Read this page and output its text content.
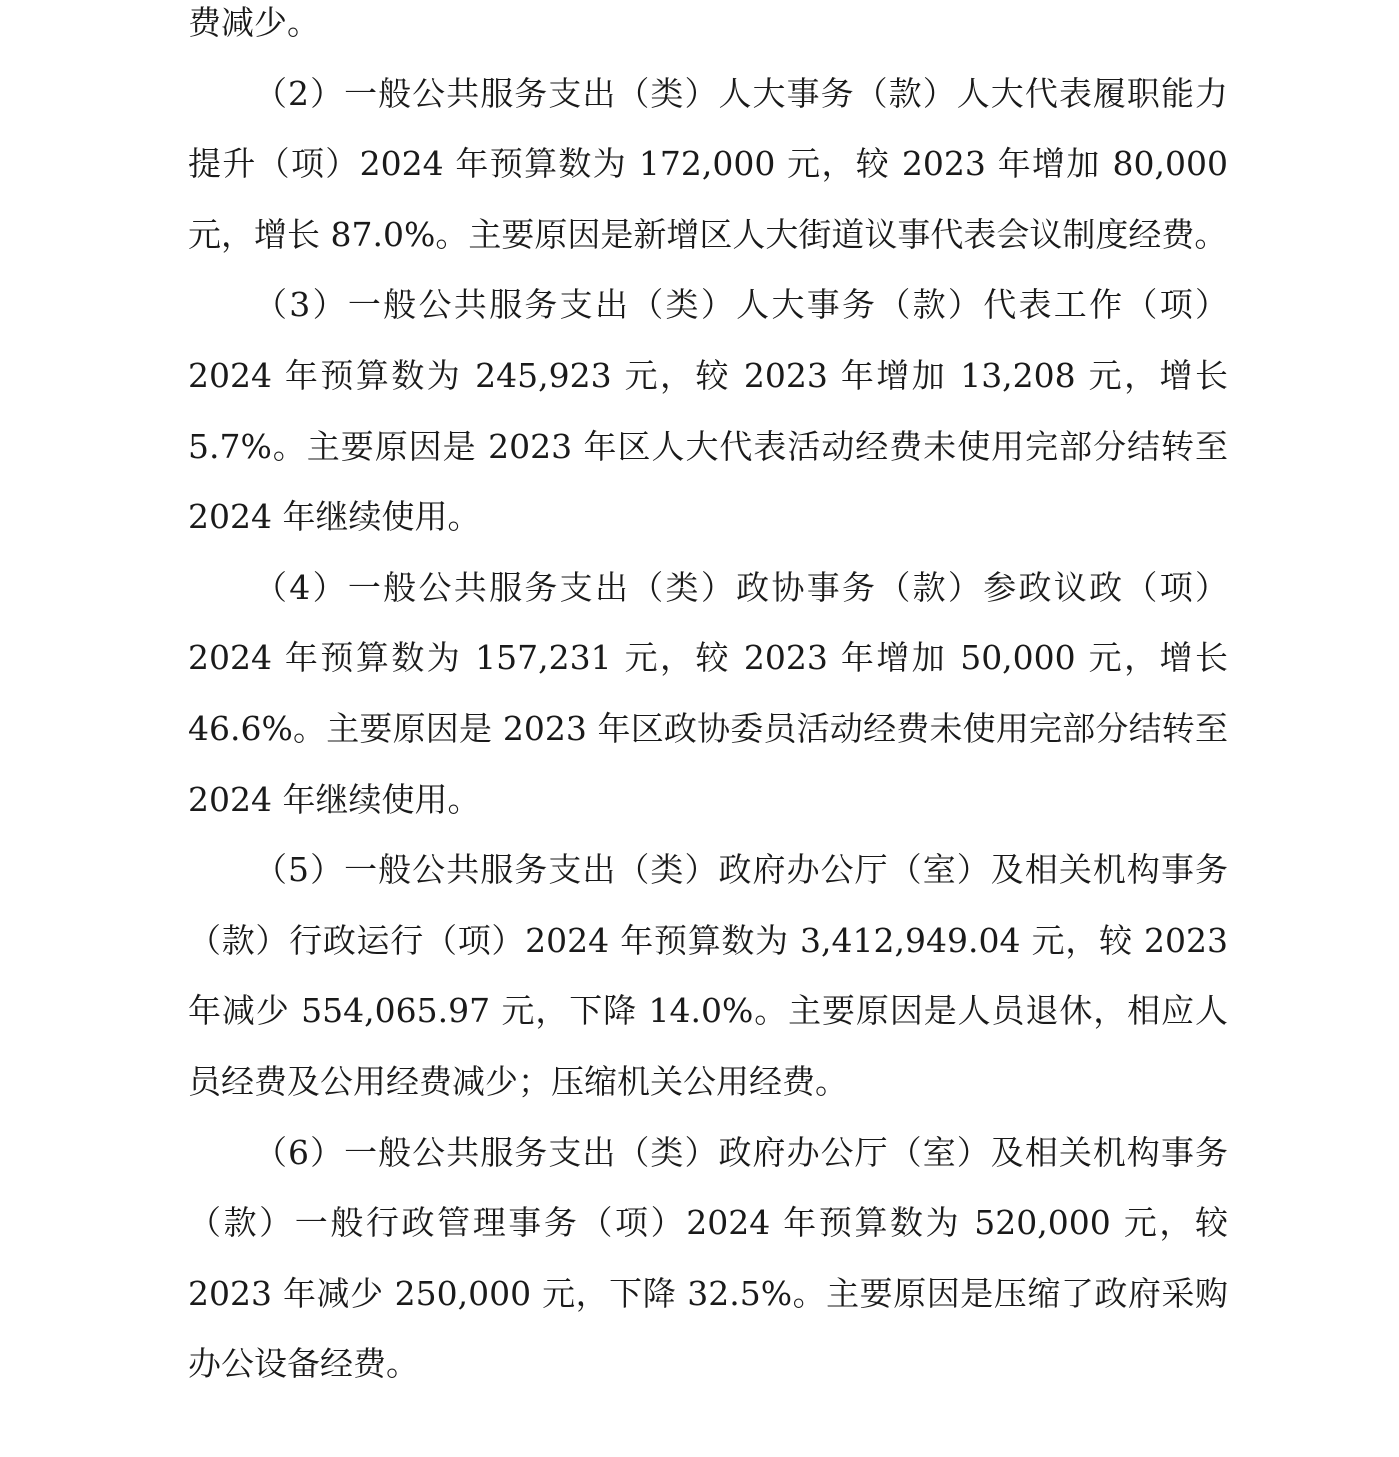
费减少。

（2）一般公共服务支出（类）人大事务（款）人大代表履职能力提升（项）2024 年预算数为 172,000 元，较 2023 年增加 80,000 元，增长 87.0%。主要原因是新增区人大街道议事代表会议制度经费。

（3）一般公共服务支出（类）人大事务（款）代表工作（项）2024 年预算数为 245,923 元，较 2023 年增加 13,208 元，增长 5.7%。主要原因是 2023 年区人大代表活动经费未使用完部分结转至 2024 年继续使用。

（4）一般公共服务支出（类）政协事务（款）参政议政（项）2024 年预算数为 157,231 元，较 2023 年增加 50,000 元，增长 46.6%。主要原因是 2023 年区政协委员活动经费未使用完部分结转至 2024 年继续使用。

（5）一般公共服务支出（类）政府办公厅（室）及相关机构事务（款）行政运行（项）2024 年预算数为 3,412,949.04 元，较 2023 年减少 554,065.97 元，下降 14.0%。主要原因是人员退休，相应人员经费及公用经费减少；压缩机关公用经费。

（6）一般公共服务支出（类）政府办公厅（室）及相关机构事务（款）一般行政管理事务（项）2024 年预算数为 520,000 元，较 2023 年减少 250,000 元，下降 32.5%。主要原因是压缩了政府采购办公设备经费。
